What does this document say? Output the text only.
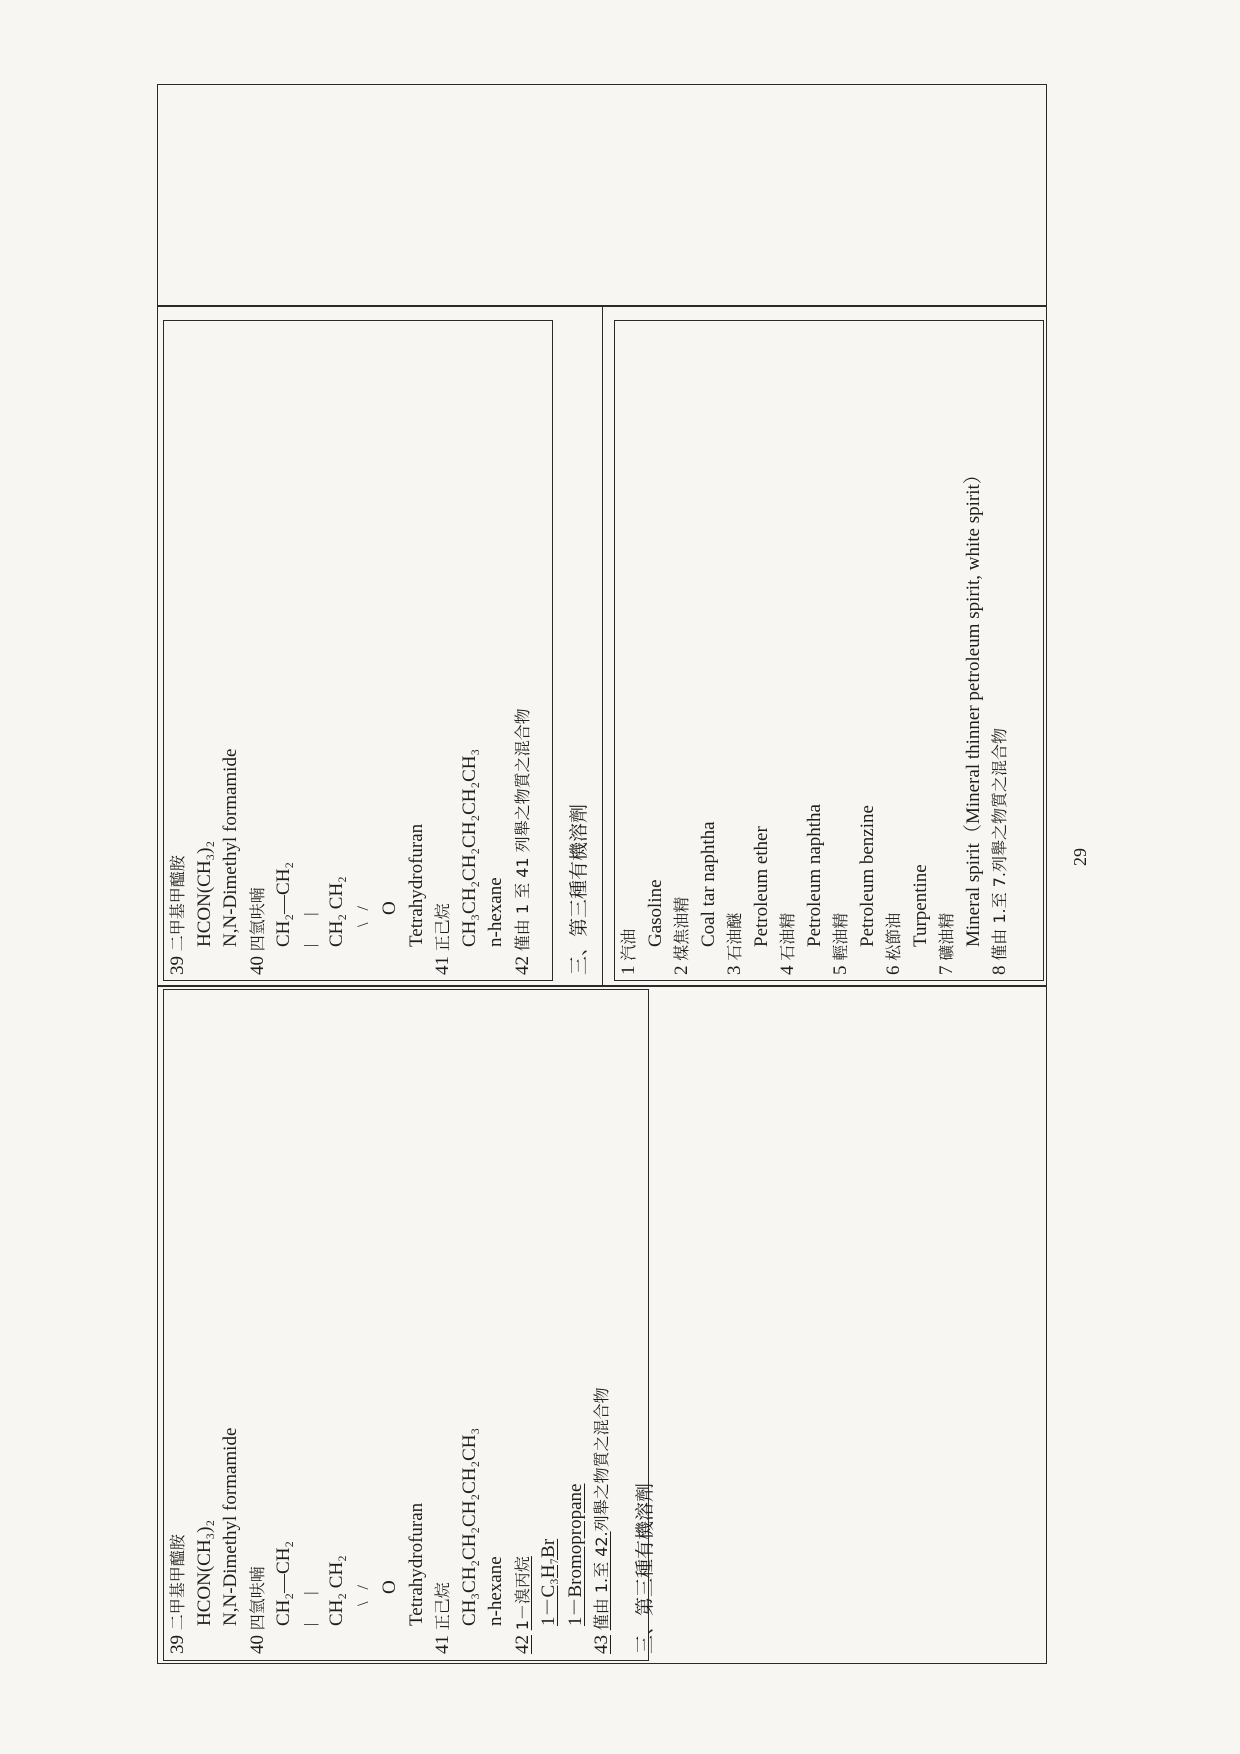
39 二甲基甲醯胺 HCON(CH₃)₂ N,N-Dimethyl formamide
40 四氫呋喃 CH₂—CH₂ |       | CH₂ CH₂ \   / O Tetrahydrofuran
41 正己烷 CH₃CH₂CH₂CH₂CH₂CH₃ n-hexane
42 1－溴丙烷 1－C₃H₇Br 1－Bromopropane
43 僅由 1.至 42.列舉之物質之混合物
三、第三種有機溶劑
39 二甲基甲醯胺 HCON(CH₃)₂ N,N-Dimethyl formamide
40 四氫呋喃 CH₂—CH₂ |       | CH₂ CH₂ \   / O Tetrahydrofuran
41 正己烷 CH₃CH₂CH₂CH₂CH₂CH₃ n-hexane
42 僅由 1 至 41 列舉之物質之混合物 三、第三種有機溶劑 1 汽油 Gasoline
2 煤焦油精 Coal tar naphtha
3 石油醚 Petroleum ether
4 石油精 Petroleum naphtha
5 輕油精 Petroleum benzine
6 松節油 Turpentine
7 礦油精 Mineral spirit（Mineral thinner petroleum spirit, white spirit）
8 僅由 1.至 7.列舉之物質之混合物	29
